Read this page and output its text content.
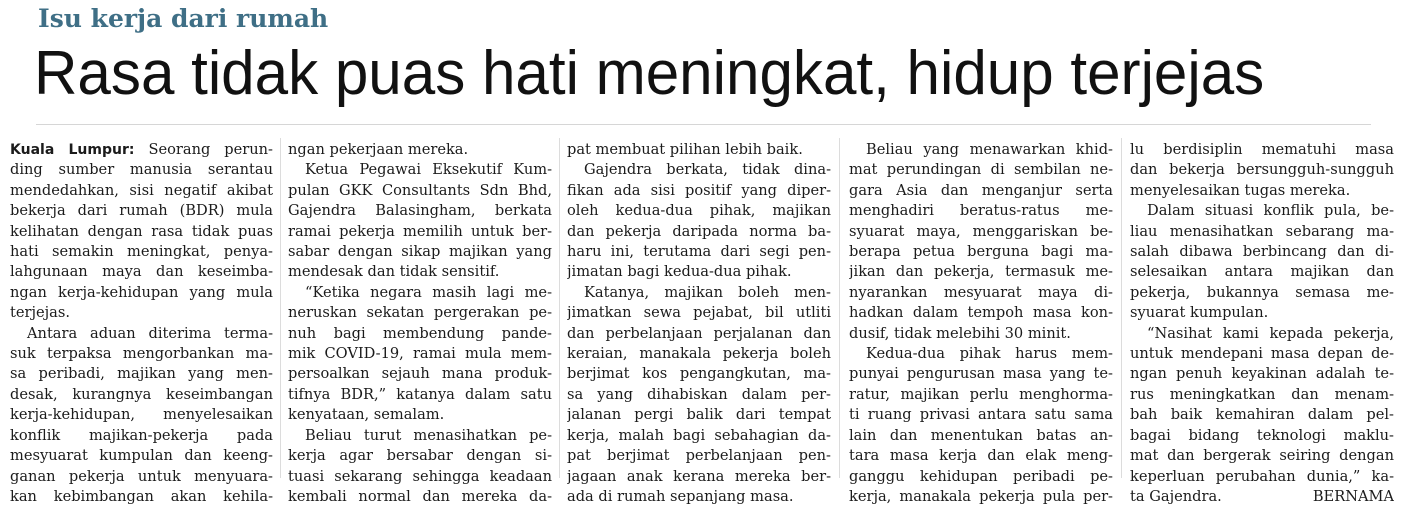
Isu kerja dari rumah
Rasa tidak puas hati meningkat, hidup terjejas

Kuala Lumpur: Seorang perun-

ding sumber manusia serantau

mendedahkan, sisi negatif akibat

bekerja dari rumah (BDR) mula

kelihatan dengan rasa tidak puas

hati semakin meningkat, penya-

lahgunaan maya dan keseimba-

ngan kerja-kehidupan yang mula

terjejas.

Antara aduan diterima terma-

suk terpaksa mengorbankan ma-

sa peribadi, majikan yang men-

desak, kurangnya keseimbangan

kerja-kehidupan, menyelesaikan

konflik majikan-pekerja pada

mesyuarat kumpulan dan keeng-

ganan pekerja untuk menyuara-

kan kebimbangan akan kehila-

ngan pekerjaan mereka.

Ketua Pegawai Eksekutif Kum-

pulan GKK Consultants Sdn Bhd,

Gajendra Balasingham, berkata

ramai pekerja memilih untuk ber-

sabar dengan sikap majikan yang

mendesak dan tidak sensitif.

“Ketika negara masih lagi me-

neruskan sekatan pergerakan pe-

nuh bagi membendung pande-

mik COVID-19, ramai mula mem-

persoalkan sejauh mana produk-

tifnya BDR,” katanya dalam satu

kenyataan, semalam.

Beliau turut menasihatkan pe-

kerja agar bersabar dengan si-

tuasi sekarang sehingga keadaan

kembali normal dan mereka da-

pat membuat pilihan lebih baik.

Gajendra berkata, tidak dina-

fikan ada sisi positif yang diper-

oleh kedua-dua pihak, majikan

dan pekerja daripada norma ba-

haru ini, terutama dari segi pen-

jimatan bagi kedua-dua pihak.

Katanya, majikan boleh men-

jimatkan sewa pejabat, bil utliti

dan perbelanjaan perjalanan dan

keraian, manakala pekerja boleh

berjimat kos pengangkutan, ma-

sa yang dihabiskan dalam per-

jalanan pergi balik dari tempat

kerja, malah bagi sebahagian da-

pat berjimat perbelanjaan pen-

jagaan anak kerana mereka ber-

ada di rumah sepanjang masa.

Beliau yang menawarkan khid-

mat perundingan di sembilan ne-

gara Asia dan menganjur serta

menghadiri beratus-ratus me-

syuarat maya, menggariskan be-

berapa petua berguna bagi ma-

jikan dan pekerja, termasuk me-

nyarankan mesyuarat maya di-

hadkan dalam tempoh masa kon-

dusif, tidak melebihi 30 minit.

Kedua-dua pihak harus mem-

punyai pengurusan masa yang te-

ratur, majikan perlu menghormа-

ti ruang privasi antara satu sama

lain dan menentukan batas an-

tara masa kerja dan elak meng-

ganggu kehidupan peribadi pe-

kerja, manakala pekerja pula per-

lu berdisiplin mematuhi masa

dan bekerja bersungguh-sungguh

menyelesaikan tugas mereka.

Dalam situasi konflik pula, be-

liau menasihatkan sebarang ma-

salah dibawa berbincang dan di-

selesaikan antara majikan dan

pekerja, bukannya semasa me-

syuarat kumpulan.

“Nasihat kami kepada pekerja,

untuk mendepani masa depan de-

ngan penuh keyakinan adalah te-

rus meningkatkan dan menam-

bah baik kemahiran dalam pel-

bagai bidang teknologi maklu-

mat dan bergerak seiring dengan

keperluan perubahan dunia,” ka-

ta Gajendra.	BERNAMA
